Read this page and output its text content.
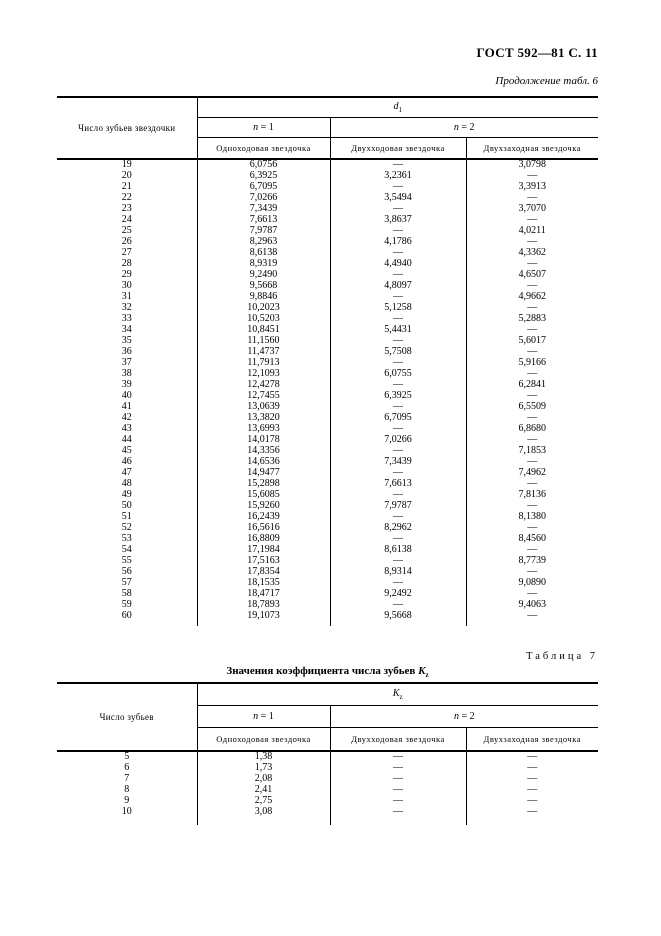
ГОСТ 592—81 С. 11
Продолжение табл. 6
Число зубьев звездочки	$d_1$
	n = 1	n = 2	
	Одноходовая звездочка	Двухходовая звездочка	Двухзаходная звездочка
19	6,0756	—	3,0798
20	6,3925	3,2361	—
21	6,7095	—	3,3913
22	7,0266	3,5494	—
23	7,3439	—	3,7070
24	7,6613	3,8637	—
25	7,9787	—	4,0211
26	8,2963	4,1786	—
27	8,6138	—	4,3362
28	8,9319	4,4940	—
29	9,2490	—	4,6507
30	9,5668	4,8097	—
31	9,8846	—	4,9662
32	10,2023	5,1258	—
33	10,5203	—	5,2883
34	10,8451	5,4431	—
35	11,1560	—	5,6017
36	11,4737	5,7508	—
37	11,7913	—	5,9166
38	12,1093	6,0755	—
39	12,4278	—	6,2841
40	12,7455	6,3925	—
41	13,0639	—	6,5509
42	13,3820	6,7095	—
43	13,6993	—	6,8680
44	14,0178	7,0266	—
45	14,3356	—	7,1853
46	14,6536	7,3439	—
47	14,9477	—	7,4962
48	15,2898	7,6613	—
49	15,6085	—	7,8136
50	15,9260	7,9787	—
51	16,2439	—	8,1380
52	16,5616	8,2962	—
53	16,8809	—	8,4560
54	17,1984	8,6138	—
55	17,5163	—	8,7739
56	17,8354	8,9314	—
57	18,1535	—	9,0890
58	18,4717	9,2492	—
59	18,7893	—	9,4063
60	19,1073	9,5668	—

Таблица 7
Значения коэффициента числа зубьев $K_z$
Число зубьев	$K_z$
	n = 1	n = 2	
	Одноходовая звездочка	Двухходовая звездочка	Двухзаходная звездочка
5	1,38	—	—
6	1,73	—	—
7	2,08	—	—
8	2,41	—	—
9	2,75	—	—
10	3,08	—	—
